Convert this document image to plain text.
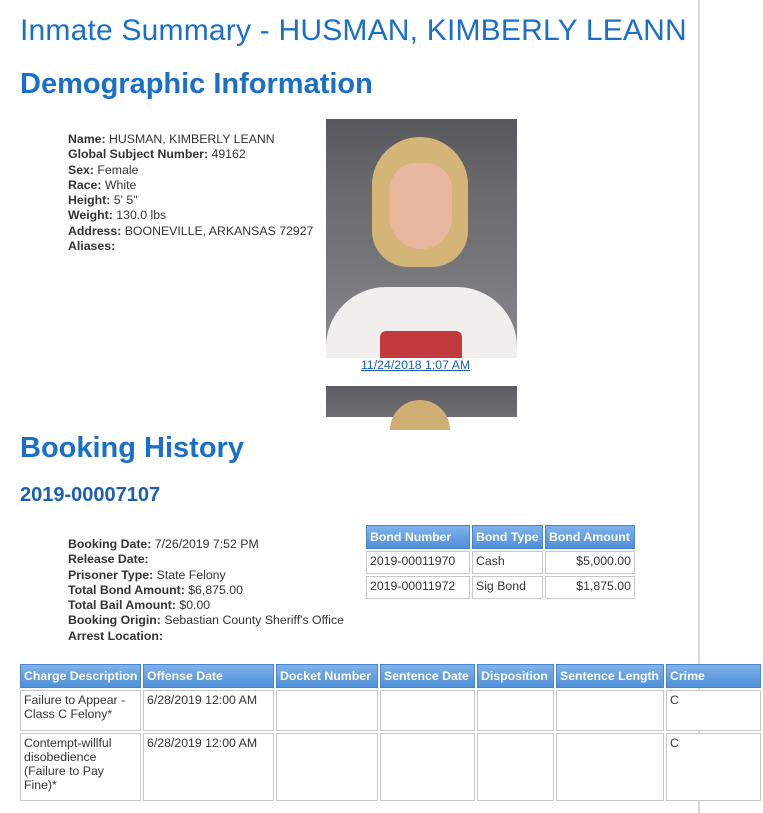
Inmate Summary - HUSMAN, KIMBERLY LEANN
Demographic Information
Name: HUSMAN, KIMBERLY LEANN
Global Subject Number: 49162
Sex: Female
Race: White
Height: 5' 5"
Weight: 130.0 lbs
Address: BOONEVILLE, ARKANSAS 72927
Aliases:
11/24/2018 1:07 AM
Booking History
2019-00007107
Booking Date: 7/26/2019 7:52 PM
Release Date:
Prisoner Type: State Felony
Total Bond Amount: $6,875.00
Total Bail Amount: $0.00
Booking Origin: Sebastian County Sheriff's Office
Arrest Location:
Bond Number	Bond Type	Bond Amount
2019-00011970	Cash	$5,000.00
2019-00011972	Sig Bond	$1,875.00
Charge Description	Offense Date	Docket Number	Sentence Date	Disposition	Sentence Length	Crime
Failure to Appear - Class C Felony*	6/28/2019 12:00 AM					C
Contempt-willful disobedience (Failure to Pay Fine)*	6/28/2019 12:00 AM					C
